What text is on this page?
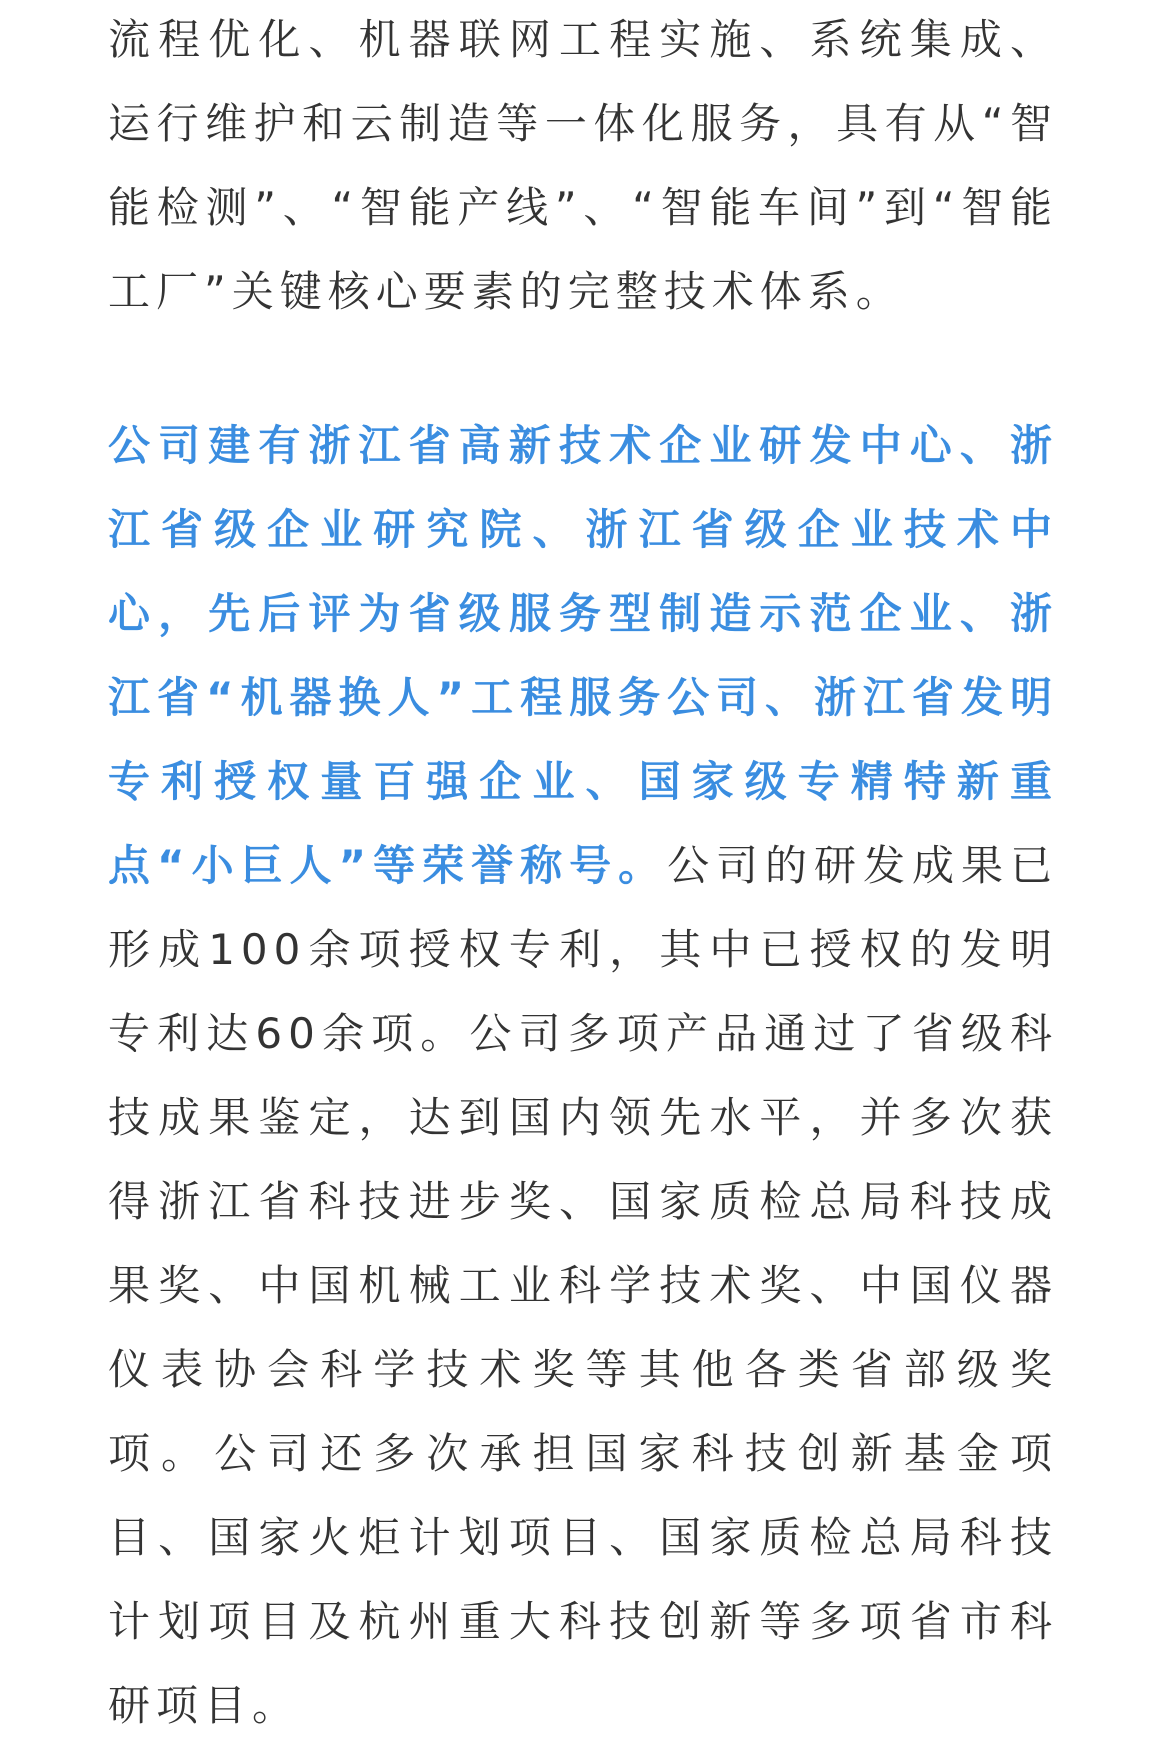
流程优化、机器联网工程实施、系统集成、运行维护和云制造等一体化服务，具有从“智能检测”、“智能产线”、“智能车间”到“智能工厂”关键核心要素的完整技术体系。

公司建有浙江省高新技术企业研发中心、浙江省级企业研究院、浙江省级企业技术中心，先后评为省级服务型制造示范企业、浙江省“机器换人”工程服务公司、浙江省发明专利授权量百强企业、国家级专精特新重点“小巨人”等荣誉称号。公司的研发成果已形成100余项授权专利，其中已授权的发明专利达60余项。公司多项产品通过了省级科技成果鉴定，达到国内领先水平，并多次获得浙江省科技进步奖、国家质检总局科技成果奖、中国机械工业科学技术奖、中国仪器仪表协会科学技术奖等其他各类省部级奖项。公司还多次承担国家科技创新基金项目、国家火炬计划项目、国家质检总局科技计划项目及杭州重大科技创新等多项省市科研项目。
